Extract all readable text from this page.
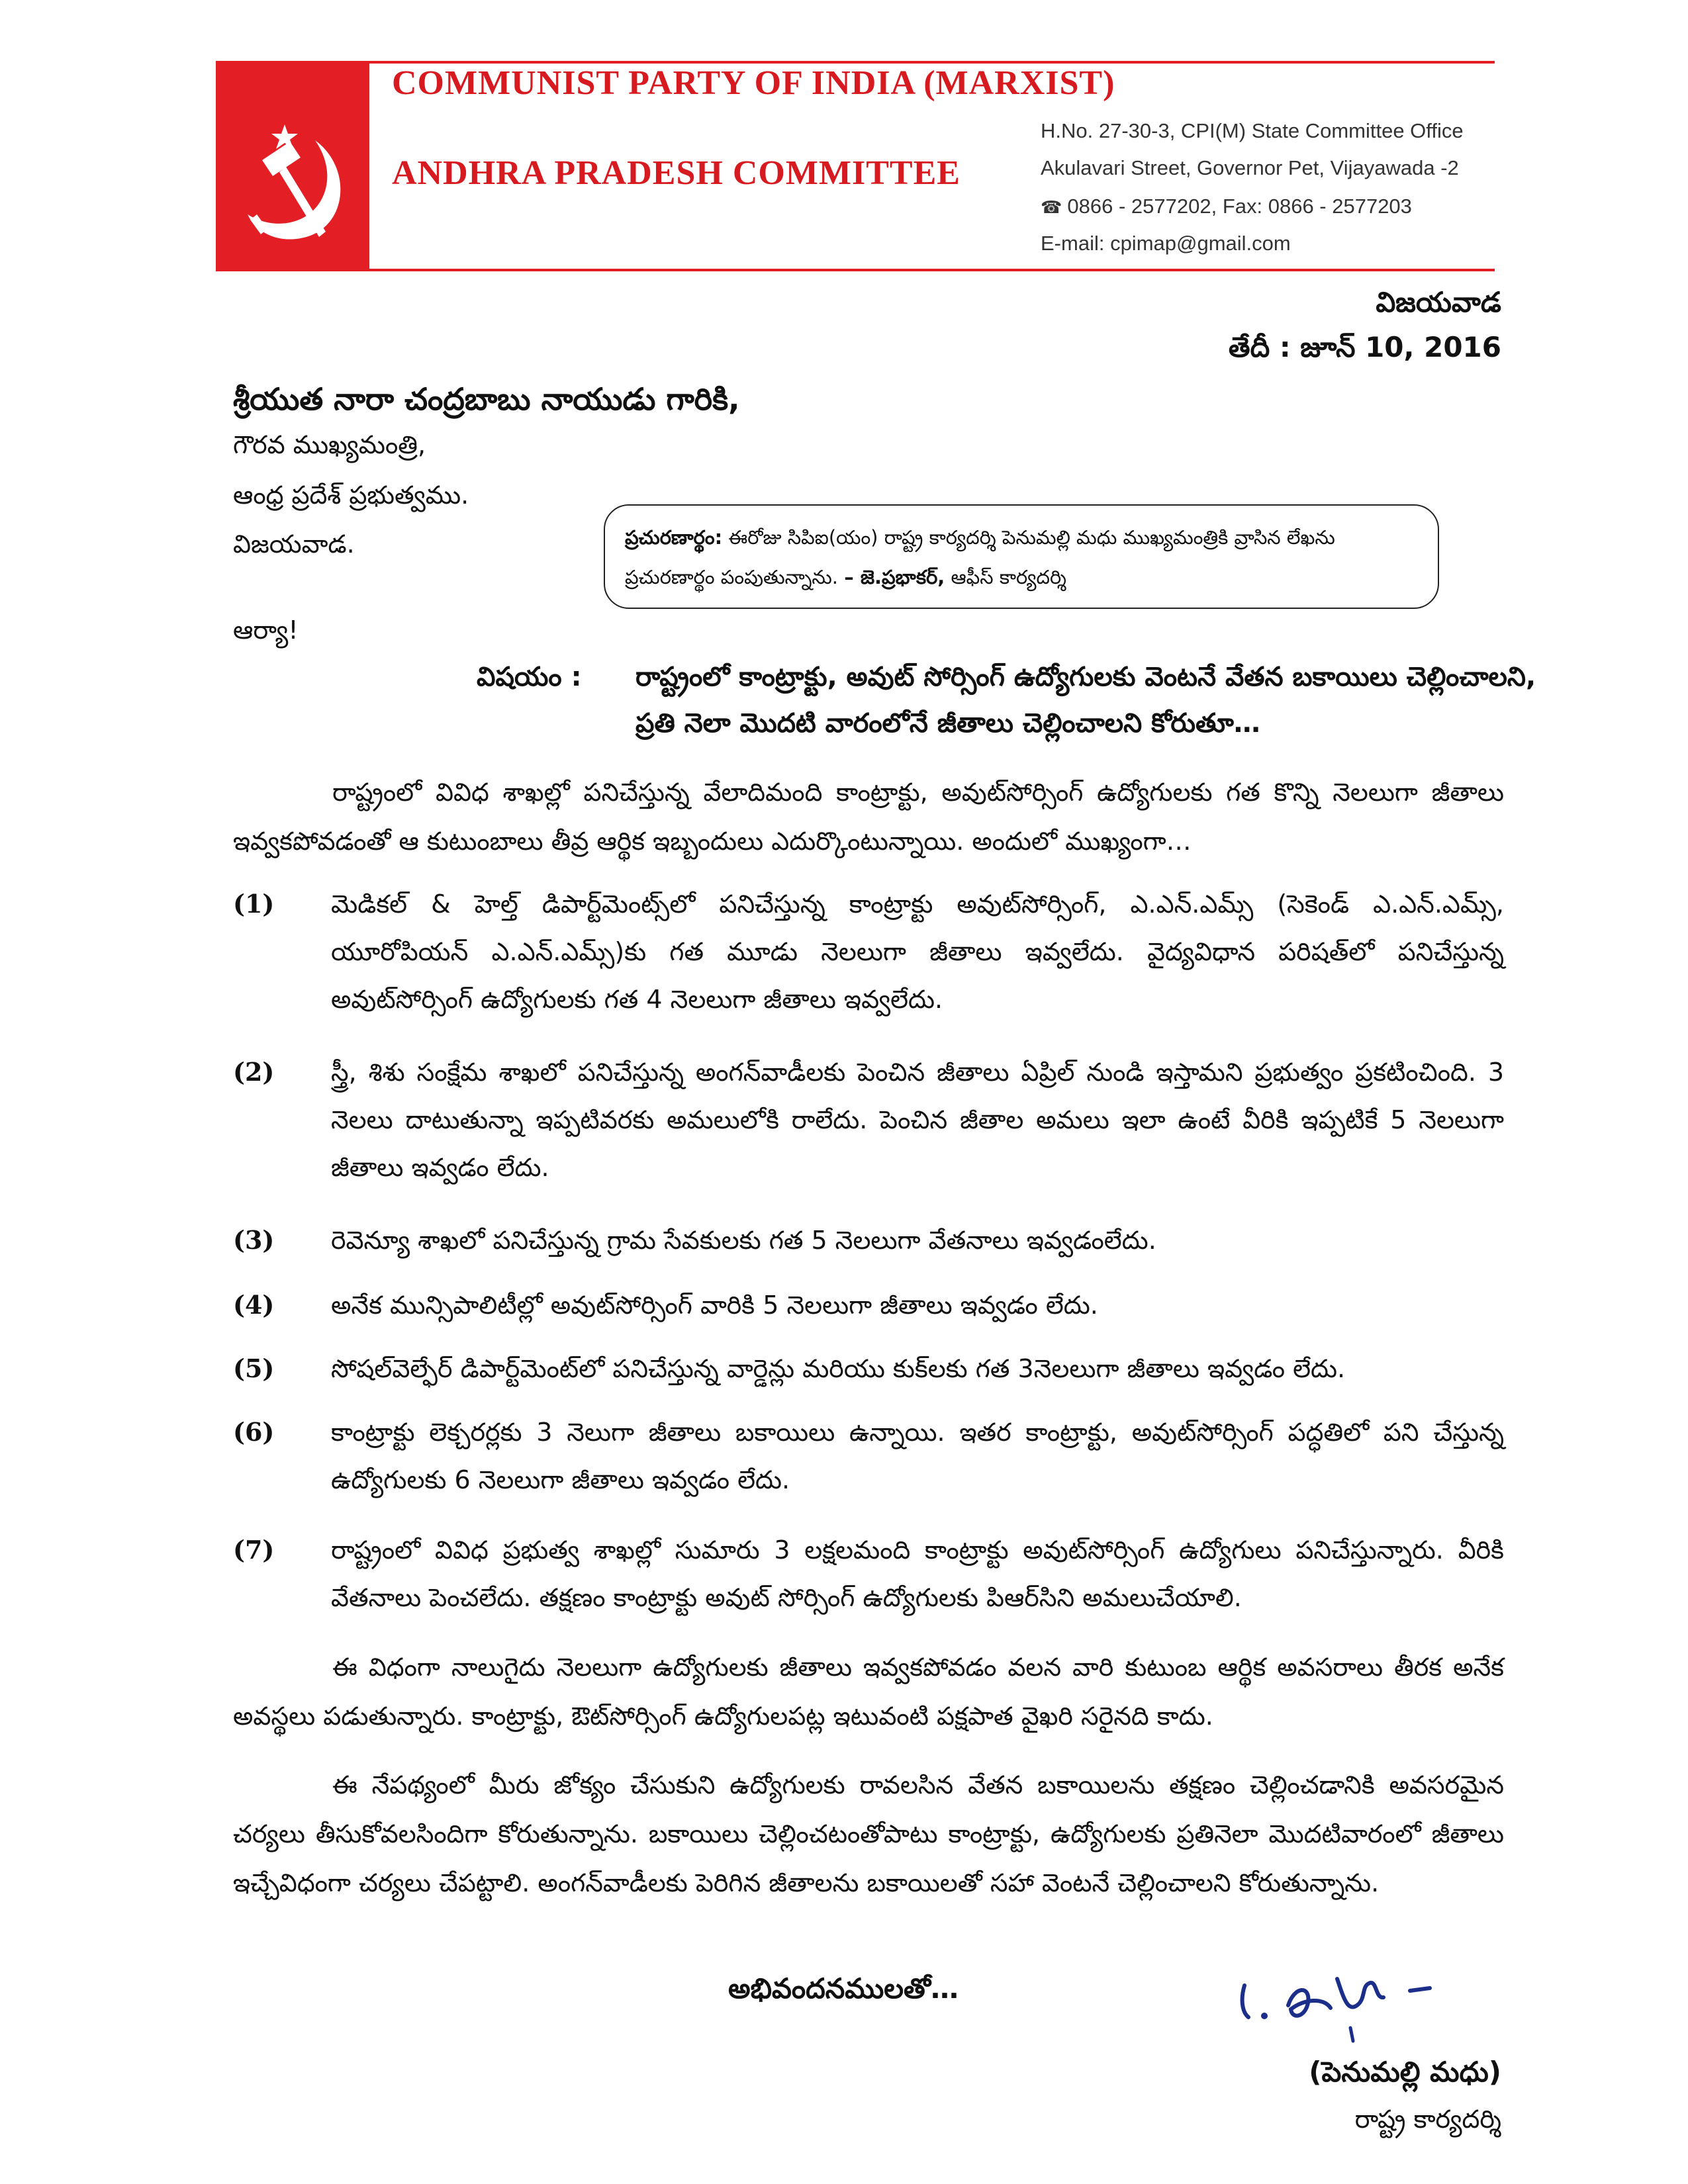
COMMUNIST PARTY OF INDIA (MARXIST)
ANDHRA PRADESH COMMITTEE
H.No. 27-30-3, CPI(M) State Committee Office
Akulavari Street, Governor Pet, Vijayawada -2
☎ 0866 - 2577202, Fax: 0866 - 2577203
E-mail: cpimap@gmail.com
విజయవాడ
తేదీ : జూన్ 10, 2016
శ్రీయుత నారా చంద్రబాబు నాయుడు గారికి,
గౌరవ ముఖ్యమంత్రి,
ఆంధ్ర ప్రదేశ్ ప్రభుత్వము.
విజయవాడ.	ప్రచురణార్థం: ఈరోజు సిపిఐ(యం) రాష్ట్ర కార్యదర్శి పెనుమల్లి మధు ముఖ్యమంత్రికి వ్రాసిన లేఖను ప్రచురణార్థం పంపుతున్నాను. – జె.ప్రభాకర్, ఆఫీస్ కార్యదర్శి
ఆర్యా!
విషయం : రాష్ట్రంలో కాంట్రాక్టు, అవుట్ సోర్సింగ్ ఉద్యోగులకు వెంటనే వేతన బకాయిలు చెల్లించాలని,
ప్రతి నెలా మొదటి వారంలోనే జీతాలు చెల్లించాలని కోరుతూ…
రాష్ట్రంలో వివిధ శాఖల్లో పనిచేస్తున్న వేలాదిమంది కాంట్రాక్టు, అవుట్‌సోర్సింగ్ ఉద్యోగులకు గత కొన్ని నెలలుగా జీతాలు ఇవ్వకపోవడంతో ఆ కుటుంబాలు తీవ్ర ఆర్థిక ఇబ్బందులు ఎదుర్కొంటున్నాయి. అందులో ముఖ్యంగా…
(1) మెడికల్ & హెల్త్ డిపార్ట్‌మెంట్స్‌లో పనిచేస్తున్న కాంట్రాక్టు అవుట్‌సోర్సింగ్, ఎ.ఎన్.ఎమ్స్ (సెకెండ్ ఎ.ఎన్.ఎమ్స్, యూరోపియన్ ఎ.ఎన్.ఎమ్స్)కు గత మూడు నెలలుగా జీతాలు ఇవ్వలేదు. వైద్యవిధాన పరిషత్‌లో పనిచేస్తున్న అవుట్‌సోర్సింగ్ ఉద్యోగులకు గత 4 నెలలుగా జీతాలు ఇవ్వలేదు.
(2) స్త్రీ, శిశు సంక్షేమ శాఖలో పనిచేస్తున్న అంగన్‌వాడీలకు పెంచిన జీతాలు ఏప్రిల్ నుండి ఇస్తామని ప్రభుత్వం ప్రకటించింది. 3 నెలలు దాటుతున్నా ఇప్పటివరకు అమలులోకి రాలేదు. పెంచిన జీతాల అమలు ఇలా ఉంటే వీరికి ఇప్పటికే 5 నెలలుగా జీతాలు ఇవ్వడం లేదు.
(3) రెవెన్యూ శాఖలో పనిచేస్తున్న గ్రామ సేవకులకు గత 5 నెలలుగా వేతనాలు ఇవ్వడంలేదు.
(4) అనేక మున్సిపాలిటీల్లో అవుట్‌సోర్సింగ్ వారికి 5 నెలలుగా జీతాలు ఇవ్వడం లేదు.
(5) సోషల్‌వెల్ఫేర్ డిపార్ట్‌మెంట్‌లో పనిచేస్తున్న వార్డెన్లు మరియు కుక్‌లకు గత 3నెలలుగా జీతాలు ఇవ్వడం లేదు.
(6) కాంట్రాక్టు లెక్చరర్లకు 3 నెలుగా జీతాలు బకాయిలు ఉన్నాయి. ఇతర కాంట్రాక్టు, అవుట్‌సోర్సింగ్ పద్ధతిలో పని చేస్తున్న ఉద్యోగులకు 6 నెలలుగా జీతాలు ఇవ్వడం లేదు.
(7) రాష్ట్రంలో వివిధ ప్రభుత్వ శాఖల్లో సుమారు 3 లక్షలమంది కాంట్రాక్టు అవుట్‌సోర్సింగ్ ఉద్యోగులు పనిచేస్తున్నారు. వీరికి వేతనాలు పెంచలేదు. తక్షణం కాంట్రాక్టు అవుట్ సోర్సింగ్ ఉద్యోగులకు పిఆర్‌సిని అమలుచేయాలి.
ఈ విధంగా నాలుగైదు నెలలుగా ఉద్యోగులకు జీతాలు ఇవ్వకపోవడం వలన వారి కుటుంబ ఆర్థిక అవసరాలు తీరక అనేక అవస్థలు పడుతున్నారు. కాంట్రాక్టు, ఔట్‌సోర్సింగ్ ఉద్యోగులపట్ల ఇటువంటి పక్షపాత వైఖరి సరైనది కాదు.
ఈ నేపథ్యంలో మీరు జోక్యం చేసుకుని ఉద్యోగులకు రావలసిన వేతన బకాయిలను తక్షణం చెల్లించడానికి అవసరమైన చర్యలు తీసుకోవలసిందిగా కోరుతున్నాను. బకాయిలు చెల్లించటంతోపాటు కాంట్రాక్టు, ఉద్యోగులకు ప్రతినెలా మొదటివారంలో జీతాలు ఇచ్చేవిధంగా చర్యలు చేపట్టాలి. అంగన్‌వాడీలకు పెరిగిన జీతాలను బకాయిలతో సహా వెంటనే చెల్లించాలని కోరుతున్నాను.
అభివందనములతో…
(పెనుమల్లి మధు)
రాష్ట్ర కార్యదర్శి
